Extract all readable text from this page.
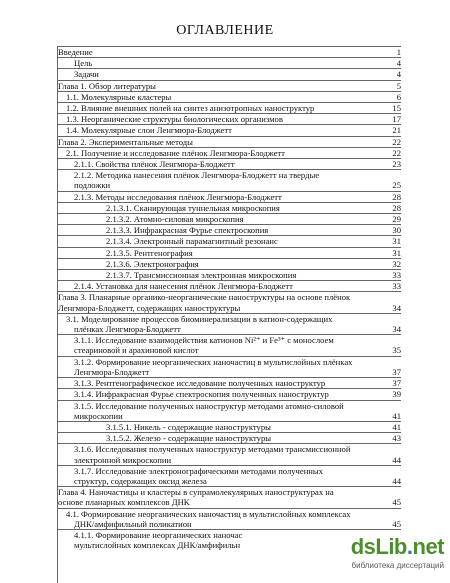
ОГЛАВЛЕНИЕ
Введение	1
Цель	4
Задачи	4
Глава 1. Обзор литературы	5
1.1. Молекулярные кластеры	6
1.2. Влияние внешних полей на синтез анизотропных наноструктур	15
1.3. Неорганические структуры биологических организмов	17
1.4. Молекулярные слои Ленгмюра-Блоджетт	21
Глава 2. Экспериментальные методы	22
2.1. Получение и исследование плёнок Ленгмюра-Блоджетт	22
2.1.1. Свойства плёнок Ленгмюра-Блоджетт	23
2.1.2. Методика нанесения плёнок Ленгмюра-Блоджетт на твердые
подложки	25
2.1.3. Методы исследования плёнок Ленгмюра-Блоджетт	28
2.1.3.1. Сканирующая туннельная микроскопия	28
2.1.3.2. Атомно-силовая микроскопия	29
2.1.3.3. Инфракрасная Фурье спектроскопия	30
2.1.3.4. Электронный парамагнитный резонанс	31
2.1.3.5. Рентгенография	31
2.1.3.6. Электронография	32
2.1.3.7. Трансмиссионная электронная микроскопия	33
2.1.4. Установка для нанесения плёнок Ленгмюра-Блоджетт	33
Глава 3. Планарные органико-неорганические наноструктуры на основе плёнок
Ленгмюра-Блоджетт, содержащих наноструктуры	34
3.1. Моделирование процессов биоминерализации в катион-содержащих
плёнках Ленгмюра-Блоджетт	34
3.1.1. Исследование взаимодействия катионов Ni²⁺ и Fe³⁺ с монослоем
стеариновой и арахиновой кислот	35
3.1.2. Формирование неорганических наночастиц в мультислойных плёнках
Ленгмюра-Блоджетт	37
3.1.3. Рентгенографическое исследование полученных наноструктур	37
3.1.4. Инфракрасная Фурье спектроскопия полученных наноструктур	39
3.1.5. Исследование полученных наноструктур методами атомно-силовой
микроскопии	41
3.1.5.1. Никель - содержащие наноструктуры	41
3.1.5.2. Железо - содержащие наноструктуры	43
3.1.6. Исследования полученных наноструктур методами трансмиссионной
электронной микроскопии	44
3.1.7. Исследование электронографическими методами полученных
структур, содержащих оксид железа	44
Глава 4. Наночастицы и кластеры в супрамолекулярных наноструктурах на
основе планарных комплексов ДНК	45
4.1. Формирование неорганических наночастиц в мультислойных комплексах
ДНК/амфифильный поликатион	45
4.1.1. Формирование неорганических наночас
мультислойных комплексах ДНК/амфифильн	dsLib.net
библиотека диссертаций
